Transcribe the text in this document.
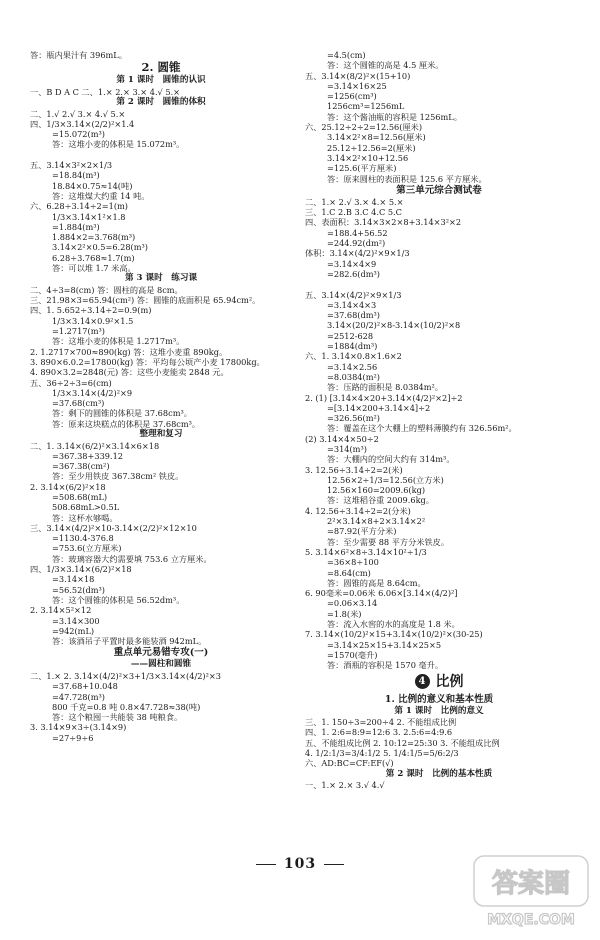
答：瓶内果汁有 396mL。
2. 圆锥
第 1 课时　圆锥的认识
一、B D A C 二、1.× 2.× 3.× 4.√ 5.×
第 2 课时　圆锥的体积
二、1.√ 2.√ 3.× 4.√ 5.×
四、1/3×3.14×(2/2)²×1.4
=15.072(m³)
答：这堆小麦的体积是 15.072m³。
五、3.14×3²×2×1/3
=18.84(m³)
18.84×0.75≈14(吨)
答：这堆煤大约重 14 吨。
六、6.28÷3.14÷2=1(m)
1/3×3.14×1²×1.8
=1.884(m³)
1.884×2=3.768(m³)
3.14×2²×0.5=6.28(m³)
6.28÷3.768≈1.7(m)
答：可以堆 1.7 米高。
第 3 课时　练习课
二、4÷3=8(cm) 答：圆柱的高是 8cm。
三、21.98×3=65.94(cm²) 答：圆锥的底面积是 65.94cm²。
四、1. 5.652÷3.14÷2=0.9(m)
1/3×3.14×0.9²×1.5
=1.2717(m³)
答：这堆小麦的体积是 1.2717m³。
2. 1.2717×700≈890(kg) 答：这堆小麦重 890kg。
3. 890×6.0.2=17800(kg) 答：平均每公顷产小麦 17800kg。
4. 890×3.2=2848(元) 答：这些小麦能卖 2848 元。
五、36÷2÷3=6(cm)
1/3×3.14×(4/2)²×9
=37.68(cm³)
答：剩下的圆锥的体积是 37.68cm³。
答：原来这块糕点的体积是 37.68cm³。
整理和复习
二、1. 3.14×(6/2)²×3.14×6×18
=367.38+339.12
=367.38(cm²)
答：至少用铁皮 367.38cm² 铁皮。
2. 3.14×(6/2)²×18
=508.68(mL)
508.68mL>0.5L
答：这杯水够喝。
三、3.14×(4/2)²×10-3.14×(2/2)²×12×10
=1130.4-376.8
=753.6(立方厘米)
答：玻璃容器大约需要填 753.6 立方厘米。
四、1/3×3.14×(6/2)²×18
=3.14×18
=56.52(dm³)
答：这个圆锥的体积是 56.52dm³。
2. 3.14×5²×12
=3.14×300
=942(mL)
答：该酒吊子平置时最多能装酒 942mL。
重点单元易错专攻(一)
——圆柱和圆锥
二、1.× 2. 3.14×(4/2)²×3+1/3×3.14×(4/2)²×3
=37.68+10.048
=47.728(m³)
800 千克=0.8 吨 0.8×47.728≈38(吨)
答：这个粮囤一共能装 38 吨粮食。
3. 3.14×9×3÷(3.14×9)
=27÷9÷6
=4.5(cm)
答：这个圆锥的高是 4.5 厘米。
五、3.14×(8/2)²×(15+10)
=3.14×16×25
=1256(cm³)
1256cm³=1256mL
答：这个酱油瓶的容积是 1256mL。
六、25.12÷2÷2=12.56(厘米)
3.14×2²×8=12.56(厘米)
25.12÷12.56=2(厘米)
3.14×2²×10+12.56
=125.6(平方厘米)
答：原来圆柱的表面积是 125.6 平方厘米。
第三单元综合测试卷
二、1.× 2.√ 3.× 4.× 5.×
三、1.C 2.B 3.C 4.C 5.C
四、表面积：3.14×3×2×8+3.14×3²×2
=188.4+56.52
=244.92(dm²)
体积：3.14×(4/2)²×9×1/3
=3.14×4×9
=282.6(dm³)
五、3.14×(4/2)²×9×1/3
=3.14×4×3
=37.68(dm³)
3.14×(20/2)²×8-3.14×(10/2)²×8
=2512-628
=1884(dm³)
六、1. 3.14×0.8×1.6×2
=3.14×2.56
=8.0384(m²)
答：压路的面积是 8.0384m²。
2. (1) [3.14×4×20+3.14×(4/2)²×2]÷2
=[3.14×200+3.14×4]÷2
=326.56(m²)
答：覆盖在这个大棚上的塑料薄膜约有 326.56m²。
(2) 3.14×4×50÷2
=314(m³)
答：大棚内的空间大约有 314m³。
3. 12.56÷3.14÷2=2(米)
12.56×2÷1/3=12.56(立方米)
12.56×160=2009.6(kg)
答：这堆稻谷重 2009.6kg。
4. 12.56÷3.14÷2=2(分米)
2²×3.14×8+2×3.14×2²
=87.92(平方分米)
答：至少需要 88 平方分米铁皮。
5. 3.14×6²×8÷3.14×10²÷1/3
=36×8÷100
=8.64(cm)
答：圆锥的高是 8.64cm。
6. 90毫米=0.06米 6.06×[3.14×(4/2)²]
=0.06×3.14
=1.8(米)
答：流入水窖的水的高度是 1.8 米。
7. 3.14×(10/2)²×15+3.14×(10/2)²×(30-25)
=3.14×25×15+3.14×25×5
=1570(毫升)
答：酒瓶的容积是 1570 毫升。
4 比例
1. 比例的意义和基本性质
第 1 课时　比例的意义
三、1. 150÷3=200÷4 2. 不能组成比例
四、1. 2:6=8:9=12:6 3. 2.5:6=4:9.6
五、不能组成比例 2. 10:12=25:30 3. 不能组成比例
4. 1/2:1/3=3/4:1/2 5. 1/4:1/5=5/6:2/3
六、AD:BC=CF:EF(√)
第 2 课时　比例的基本性质
一、1.× 2.× 3.√ 4.√
103
答案圈
MXQE.COM
